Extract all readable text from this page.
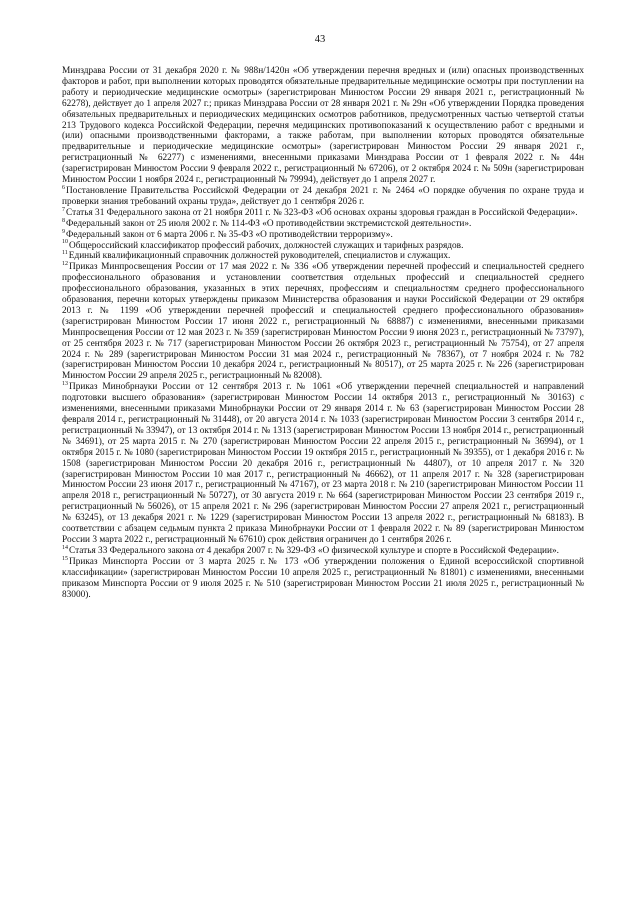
43

Минздрава России от 31 декабря 2020 г. № 988н/1420н «Об утверждении перечня вредных и (или) опасных производственных факторов и работ, при выполнении которых проводятся обязательные предварительные медицинские осмотры при поступлении на работу и периодические медицинские осмотры» (зарегистрирован Минюстом России 29 января 2021 г., регистрационный № 62278), действует до 1 апреля 2027 г.; приказ Минздрава России от 28 января 2021 г. № 29н «Об утверждении Порядка проведения обязательных предварительных и периодических медицинских осмотров работников, предусмотренных частью четвертой статьи 213 Трудового кодекса Российской Федерации, перечня медицинских противопоказаний к осуществлению работ с вредными и (или) опасными производственными факторами, а также работам, при выполнении которых проводятся обязательные предварительные и периодические медицинские осмотры» (зарегистрирован Минюстом России 29 января 2021 г., регистрационный № 62277) с изменениями, внесенными приказами Минздрава России от 1 февраля 2022 г. № 44н (зарегистрирован Минюстом России 9 февраля 2022 г., регистрационный № 67206), от 2 октября 2024 г. № 509н (зарегистрирован Минюстом России 1 ноября 2024 г., регистрационный № 79994), действует до 1 апреля 2027 г.

$^6$Постановление Правительства Российской Федерации от 24 декабря 2021 г. № 2464 «О порядке обучения по охране труда и проверки знания требований охраны труда», действует до 1 сентября 2026 г.

$^7$Статья 31 Федерального закона от 21 ноября 2011 г. № 323-ФЗ «Об основах охраны здоровья граждан в Российской Федерации».

$^8$Федеральный закон от 25 июля 2002 г. № 114-ФЗ «О противодействии экстремистской деятельности».

$^9$Федеральный закон от 6 марта 2006 г. № 35-ФЗ «О противодействии терроризму».

$^{10}$Общероссийский классификатор профессий рабочих, должностей служащих и тарифных разрядов.

$^{11}$Единый квалификационный справочник должностей руководителей, специалистов и служащих.

$^{12}$Приказ Минпросвещения России от 17 мая 2022 г. № 336 «Об утверждении перечней профессий и специальностей среднего профессионального образования и установлении соответствия отдельных профессий и специальностей среднего профессионального образования, указанных в этих перечнях, профессиям и специальностям среднего профессионального образования, перечни которых утверждены приказом Министерства образования и науки Российской Федерации от 29 октября 2013 г. № 1199 «Об утверждении перечней профессий и специальностей среднего профессионального образования» (зарегистрирован Минюстом России 17 июня 2022 г., регистрационный № 68887) с изменениями, внесенными приказами Минпросвещения России от 12 мая 2023 г. № 359 (зарегистрирован Минюстом России 9 июня 2023 г., регистрационный № 73797), от 25 сентября 2023 г. № 717 (зарегистрирован Минюстом России 26 октября 2023 г., регистрационный № 75754), от 27 апреля 2024 г. № 289 (зарегистрирован Минюстом России 31 мая 2024 г., регистрационный № 78367), от 7 ноября 2024 г. № 782 (зарегистрирован Минюстом России 10 декабря 2024 г., регистрационный № 80517), от 25 марта 2025 г. № 226 (зарегистрирован Минюстом России 29 апреля 2025 г., регистрационный № 82008).

$^{13}$Приказ Минобрнауки России от 12 сентября 2013 г. № 1061 «Об утверждении перечней специальностей и направлений подготовки высшего образования» (зарегистрирован Минюстом России 14 октября 2013 г., регистрационный № 30163) с изменениями, внесенными приказами Минобрнауки России от 29 января 2014 г. № 63 (зарегистрирован Минюстом России 28 февраля 2014 г., регистрационный № 31448), от 20 августа 2014 г. № 1033 (зарегистрирован Минюстом России 3 сентября 2014 г., регистрационный № 33947), от 13 октября 2014 г. № 1313 (зарегистрирован Минюстом России 13 ноября 2014 г., регистрационный № 34691), от 25 марта 2015 г. № 270 (зарегистрирован Минюстом России 22 апреля 2015 г., регистрационный № 36994), от 1 октября 2015 г. № 1080 (зарегистрирован Минюстом России 19 октября 2015 г., регистрационный № 39355), от 1 декабря 2016 г. № 1508 (зарегистрирован Минюстом России 20 декабря 2016 г., регистрационный № 44807), от 10 апреля 2017 г. № 320 (зарегистрирован Минюстом России 10 мая 2017 г., регистрационный № 46662), от 11 апреля 2017 г. № 328 (зарегистрирован Минюстом России 23 июня 2017 г., регистрационный № 47167), от 23 марта 2018 г. № 210 (зарегистрирован Минюстом России 11 апреля 2018 г., регистрационный № 50727), от 30 августа 2019 г. № 664 (зарегистрирован Минюстом России 23 сентября 2019 г., регистрационный № 56026), от 15 апреля 2021 г. № 296 (зарегистрирован Минюстом России 27 апреля 2021 г., регистрационный № 63245), от 13 декабря 2021 г. № 1229 (зарегистрирован Минюстом России 13 апреля 2022 г., регистрационный № 68183). В соответствии с абзацем седьмым пункта 2 приказа Минобрнауки России от 1 февраля 2022 г. № 89 (зарегистрирован Минюстом России 3 марта 2022 г., регистрационный № 67610) срок действия ограничен до 1 сентября 2026 г.

$^{14}$Статья 33 Федерального закона от 4 декабря 2007 г. № 329-ФЗ «О физической культуре и спорте в Российской Федерации».

$^{15}$Приказ Минспорта России от 3 марта 2025 г.№ 173 «Об утверждении положения о Единой всероссийской спортивной классификации» (зарегистрирован Минюстом России 10 апреля 2025 г., регистрационный № 81801) с изменениями, внесенными приказом Минспорта России от 9 июля 2025 г. № 510 (зарегистрирован Минюстом России 21 июля 2025 г., регистрационный № 83000).
